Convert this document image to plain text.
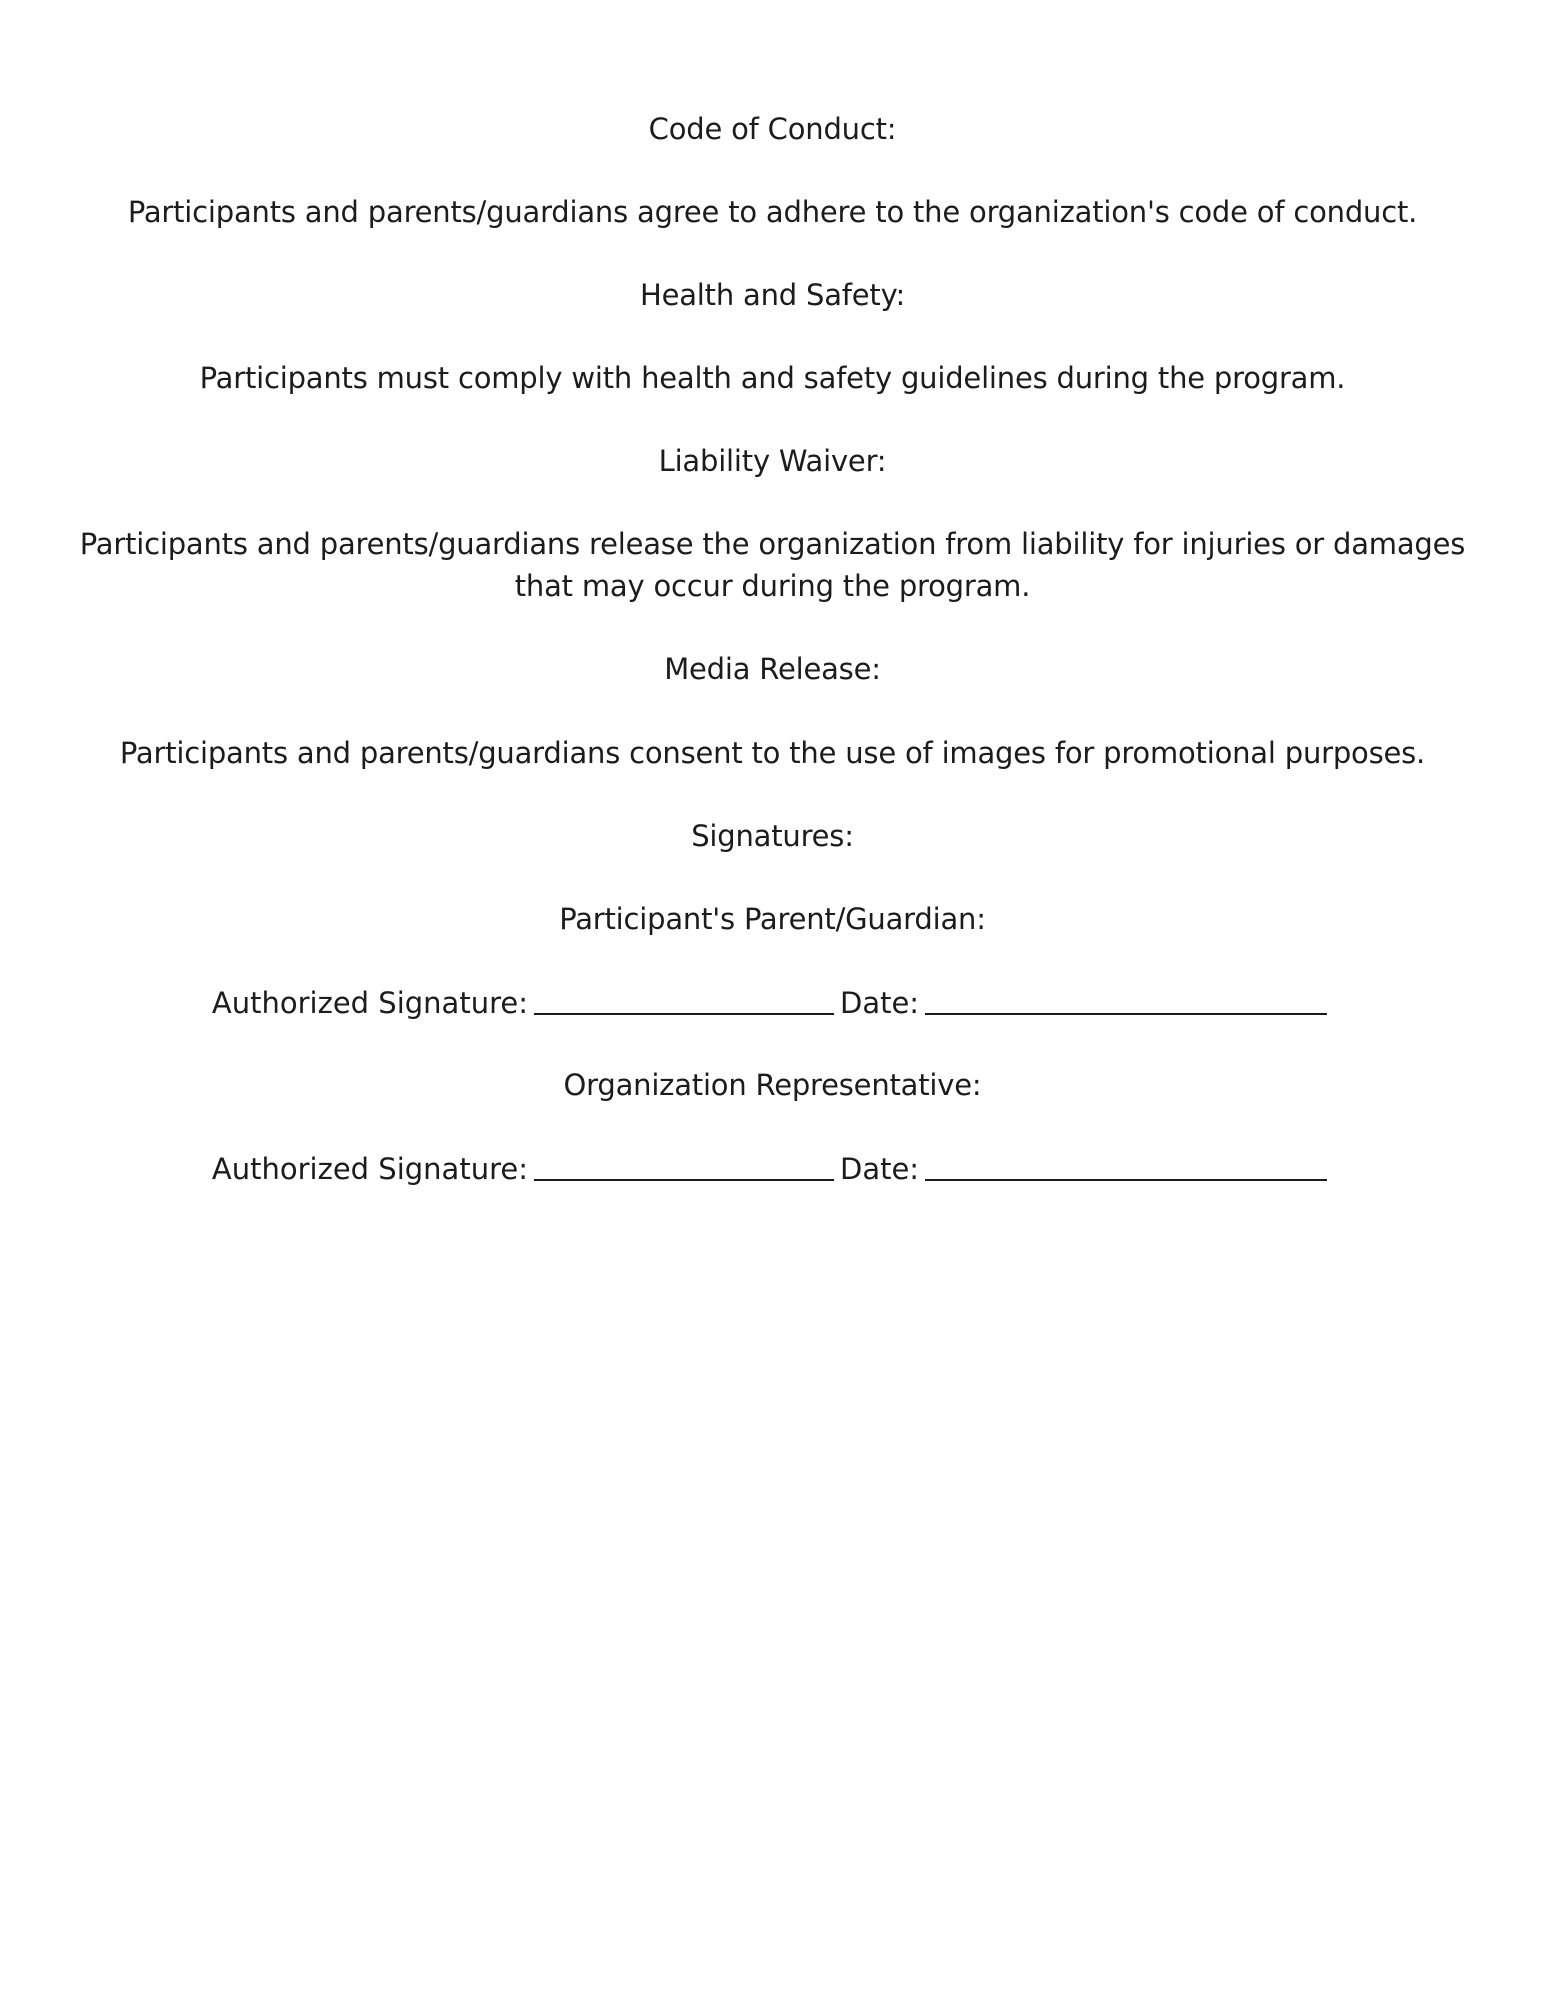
Code of Conduct:
Participants and parents/guardians agree to adhere to the organization's code of conduct.
Health and Safety:
Participants must comply with health and safety guidelines during the program.
Liability Waiver:
Participants and parents/guardians release the organization from liability for injuries or damages that may occur during the program.
Media Release:
Participants and parents/guardians consent to the use of images for promotional purposes.
Signatures:
Participant's Parent/Guardian:
Authorized Signature:	Date:
Organization Representative:
Authorized Signature:	Date:
